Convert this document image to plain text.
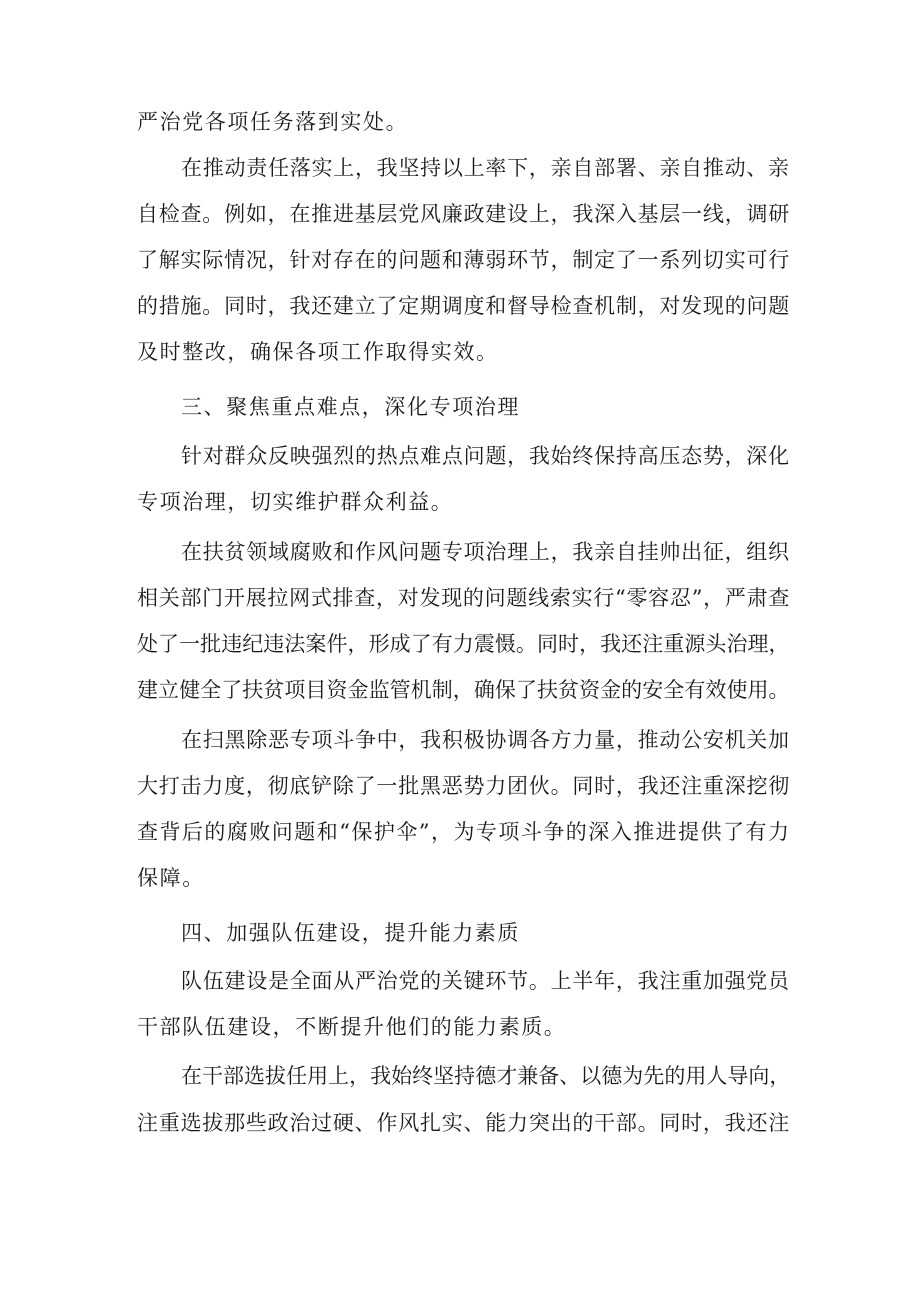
严治党各项任务落到实处。

在推动责任落实上，我坚持以上率下，亲自部署、亲自推动、亲

自检查。例如，在推进基层党风廉政建设上，我深入基层一线，调研

了解实际情况，针对存在的问题和薄弱环节，制定了一系列切实可行

的措施。同时，我还建立了定期调度和督导检查机制，对发现的问题

及时整改，确保各项工作取得实效。

三、聚焦重点难点，深化专项治理

针对群众反映强烈的热点难点问题，我始终保持高压态势，深化

专项治理，切实维护群众利益。

在扶贫领域腐败和作风问题专项治理上，我亲自挂帅出征，组织

相关部门开展拉网式排查，对发现的问题线索实行“零容忍”，严肃查

处了一批违纪违法案件，形成了有力震慑。同时，我还注重源头治理，

建立健全了扶贫项目资金监管机制，确保了扶贫资金的安全有效使用。

在扫黑除恶专项斗争中，我积极协调各方力量，推动公安机关加

大打击力度，彻底铲除了一批黑恶势力团伙。同时，我还注重深挖彻

查背后的腐败问题和“保护伞”，为专项斗争的深入推进提供了有力

保障。

四、加强队伍建设，提升能力素质

队伍建设是全面从严治党的关键环节。上半年，我注重加强党员

干部队伍建设，不断提升他们的能力素质。

在干部选拔任用上，我始终坚持德才兼备、以德为先的用人导向，

注重选拔那些政治过硬、作风扎实、能力突出的干部。同时，我还注
